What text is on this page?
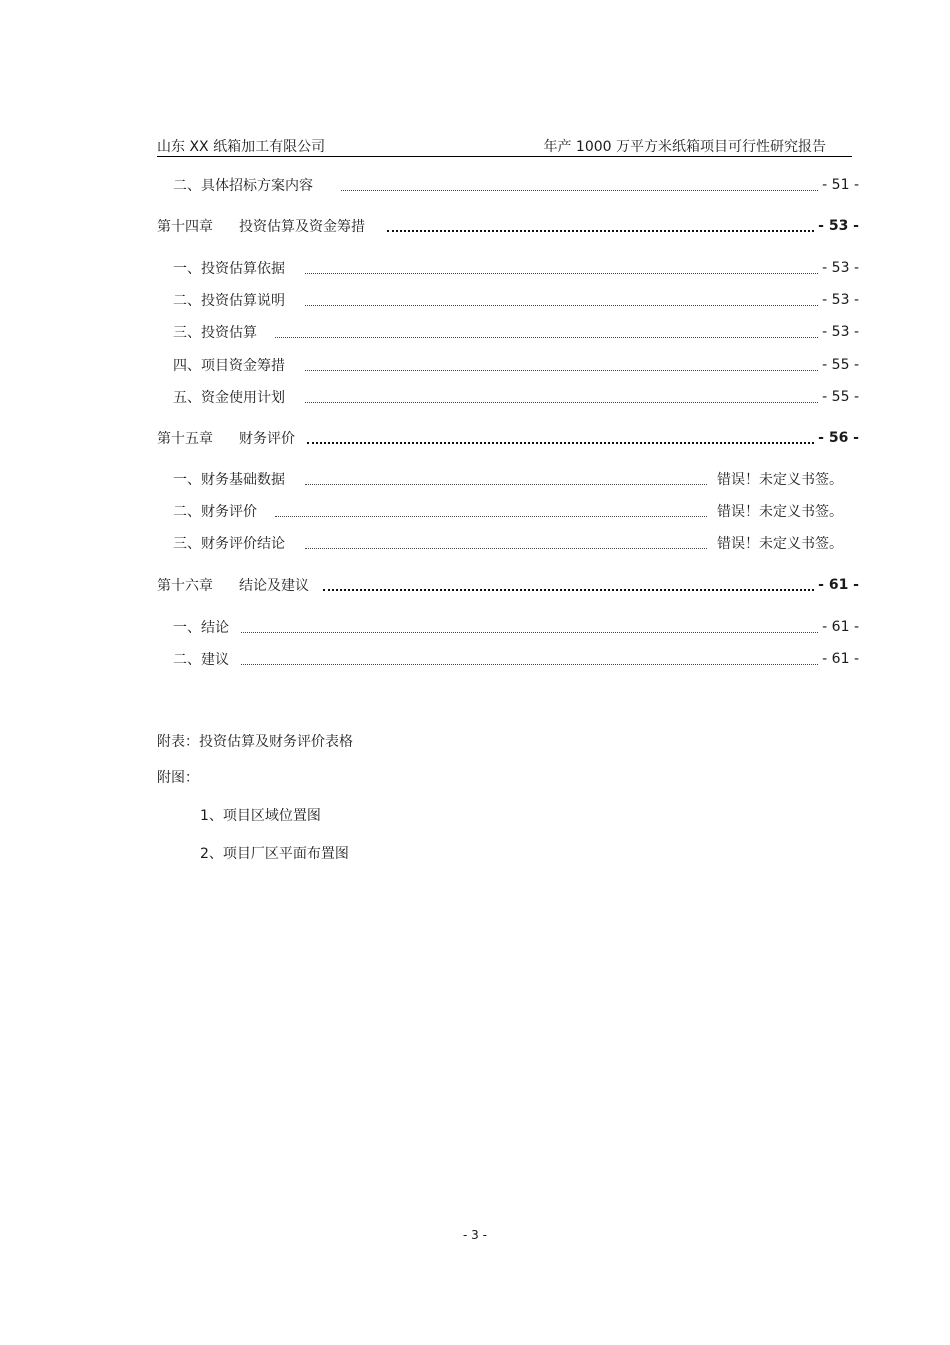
山东 XX 纸箱加工有限公司	年产 1000 万平方米纸箱项目可行性研究报告
二、具体招标方案内容	- 51 -
第十四章 投资估算及资金筹措	- 53 -
一、投资估算依据	- 53 -
二、投资估算说明	- 53 -
三、投资估算	- 53 -
四、项目资金筹措	- 55 -
五、资金使用计划	- 55 -
第十五章 财务评价	- 56 -
一、财务基础数据	错误！未定义书签。
二、财务评价	错误！未定义书签。
三、财务评价结论	错误！未定义书签。
第十六章 结论及建议	- 61 -
一、结论	- 61 -
二、建议	- 61 -
附表：投资估算及财务评价表格
附图：
1、项目区域位置图
2、项目厂区平面布置图
- 3 -
